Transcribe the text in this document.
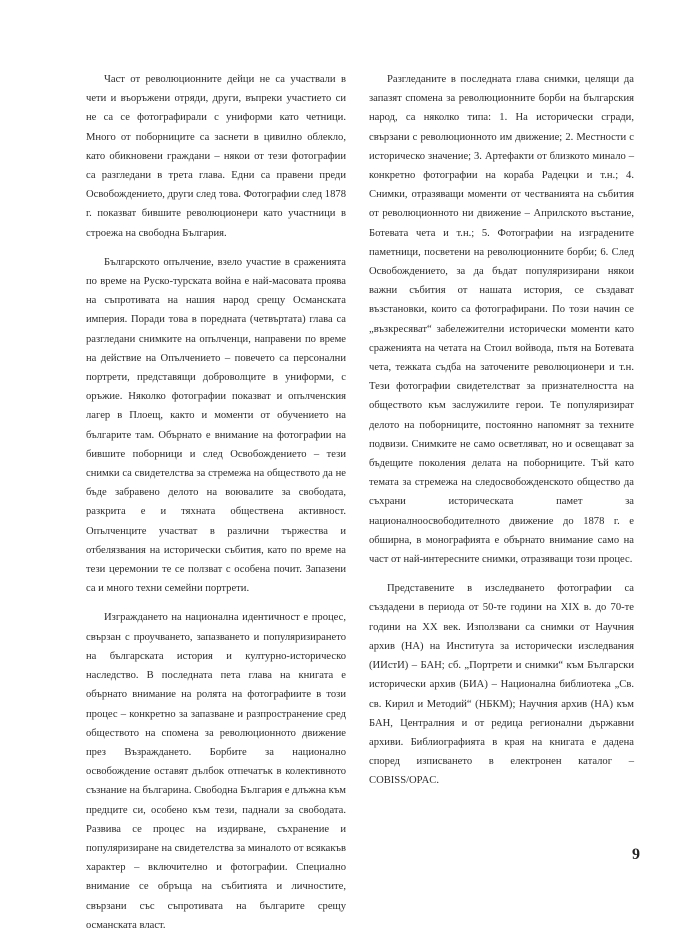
Част от революционните дейци не са участвали в чети и въоръжени отряди, други, въпреки участието си не са се фотографирали с униформи като четници. Много от поборниците са заснети в цивилно облекло, като обикновени граждани – някои от тези фотографии са разгледани в трета глава. Едни са правени преди Освобождението, други след това. Фотографии след 1878 г. показват бившите революционери като участници в строежа на свободна България.

Българското опълчение, взело участие в сраженията по време на Руско-турската война е най-масовата проява на съпротивата на нашия народ срещу Османската империя. Поради това в поредната (четвъртата) глава са разгледани снимките на опълченци, направени по време на действие на Опълчението – повечето са персонални портрети, представящи доброволците в униформи, с оръжие. Няколко фотографии показват и опълченския лагер в Плоещ, както и моменти от обучението на българите там. Обърнато е внимание на фотографии на бившите поборници и след Освобождението – тези снимки са свидетелства за стремежа на обществото да не бъде забравено делото на воювалите за свободата, разкрита е и тяхната обществена активност. Опълченците участват в различни тържества и отбелязвания на исторически събития, като по време на тези церемонии те се ползват с особена почит. Запазени са и много техни семейни портрети.

Изграждането на национална идентичност е процес, свързан с проучването, запазването и популяризирането на българската история и културно-историческо наследство. В последната пета глава на книгата е обърнато внимание на ролята на фотографиите в този процес – конкретно за запазване и разпространение сред обществото на спомена за революционното движение през Възраждането. Борбите за национално освобождение оставят дълбок отпечатък в колективното съзнание на българина. Свободна България е длъжна към предците си, особено към тези, паднали за свободата. Развива се процес на издирване, съхранение и популяризиране на свидетелства за миналото от всякакъв характер – включително и фотографии. Специално внимание се обръща на събитията и личностите, свързани със съпротивата на българите срещу османската власт.

Разгледаните в последната глава снимки, целящи да запазят спомена за революционните борби на българския народ, са няколко типа: 1. На исторически сгради, свързани с революционното им движение; 2. Местности с историческо значение; 3. Артефакти от близкото минало – конкретно фотографии на кораба Радецки и т.н.; 4. Снимки, отразяващи моменти от честванията на събития от революционното ни движение – Априлското въстание, Ботевата чета и т.н.; 5. Фотографии на изградените паметници, посветени на революционните борби; 6. След Освобождението, за да бъдат популяризирани някои важни събития от нашата история, се създават възстановки, които са фотографирани. По този начин се „възкресяват“ забележителни исторически моменти като сраженията на четата на Стоил войвода, пътя на Ботевата чета, тежката съдба на заточените революционери и т.н. Тези фотографии свидетелстват за признателността на обществото към заслужилите герои. Те популяризират делото на поборниците, постоянно напомнят за техните подвизи. Снимките не само осветляват, но и освещават за бъдещите поколения делата на поборниците. Тъй като темата за стремежа на следосвобожденското общество да съхрани историческата памет за националноосвободителното движение до 1878 г. е обширна, в монографията е обърнато внимание само на част от най-интересните снимки, отразяващи този процес.

Представените в изследването фотографии са създадени в периода от 50-те години на XIX в. до 70-те години на XX век. Използвани са снимки от Научния архив (НА) на Института за исторически изследвания (ИИстИ) – БАН; сб. „Портрети и снимки“ към Български исторически архив (БИА) – Национална библиотека „Св. св. Кирил и Методий“ (НБКМ); Научния архив (НА) към БАН, Централния и от редица регионални държавни архиви. Библиографията в края на книгата е дадена според изписването в електронен каталог – COBISS/OPAC.

9
